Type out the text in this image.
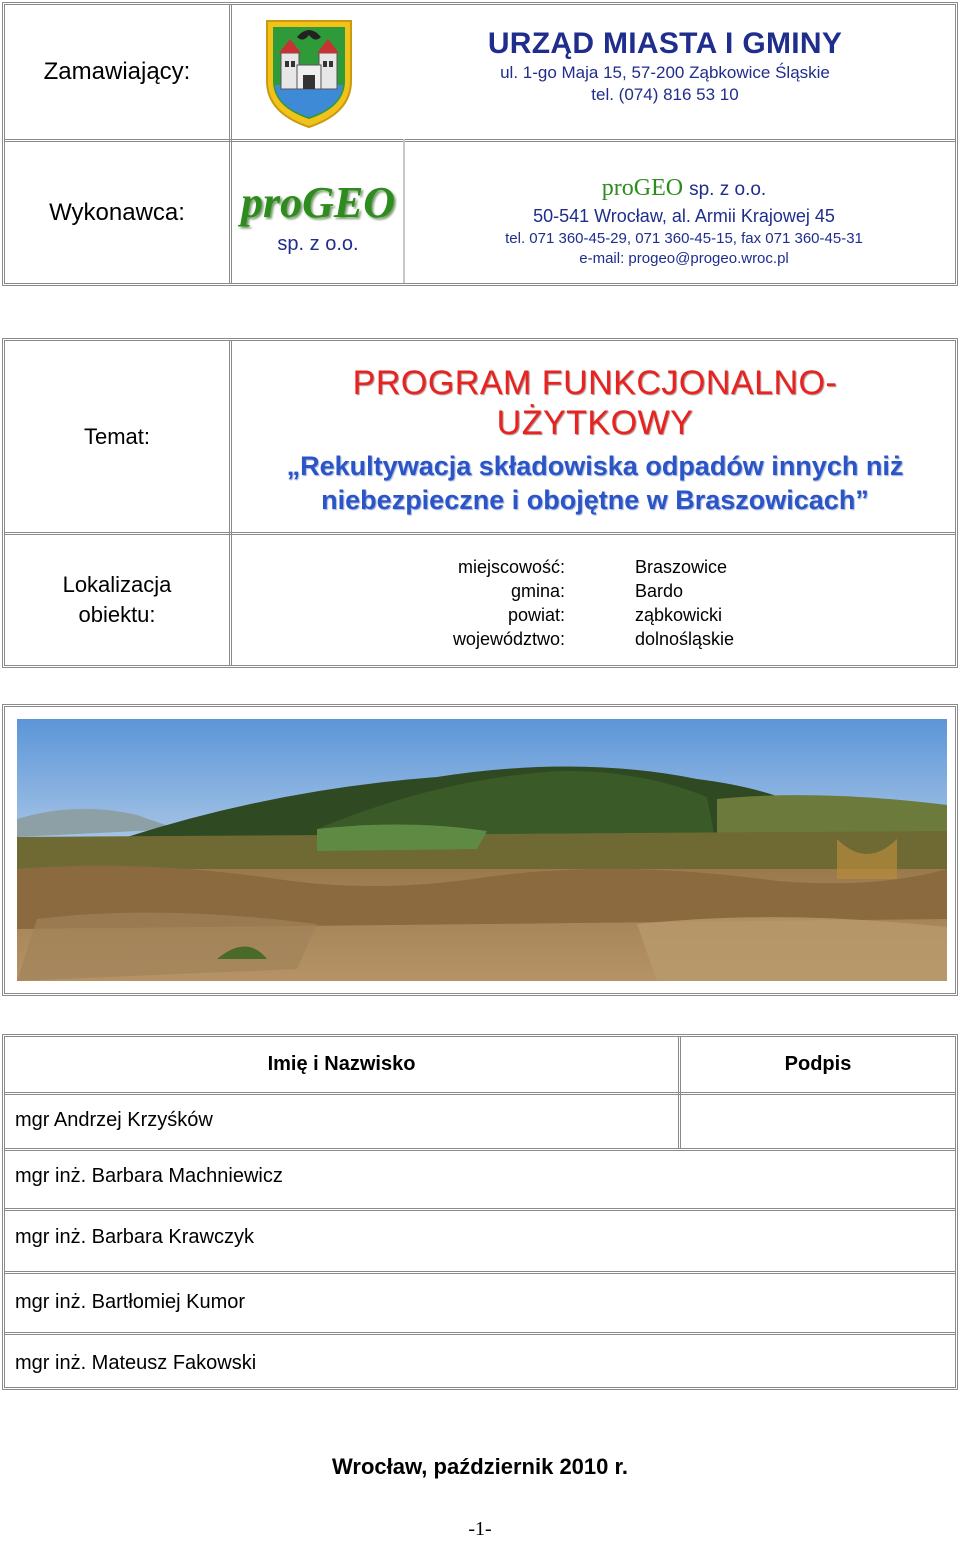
Zamawiający:
URZĄD MIASTA I GMINY
ul. 1-go Maja 15, 57-200 Ząbkowice Śląskie
tel. (074) 816 53 10
Wykonawca:	proGEO
sp. z o.o.
proGEO sp. z o.o.
50-541 Wrocław, al. Armii Krajowej 45
tel. 071 360-45-29, 071 360-45-15, fax 071 360-45-31
e-mail: progeo@progeo.wroc.pl
Temat:
PROGRAM FUNKCJONALNO-
UŻYTKOWY
„Rekultywacja składowiska odpadów innych niż
niebezpieczne i obojętne w Braszowicach”
Lokalizacja
obiektu:
miejscowość:
gmina:
powiat:
województwo:
Braszowice
Bardo
ząbkowicki
dolnośląskie
Imię i Nazwisko	Podpis
mgr Andrzej Krzyśków
mgr inż. Barbara Machniewicz
mgr inż. Barbara Krawczyk
mgr inż. Bartłomiej Kumor
mgr inż. Mateusz Fakowski
Wrocław, październik 2010 r.
-1-
